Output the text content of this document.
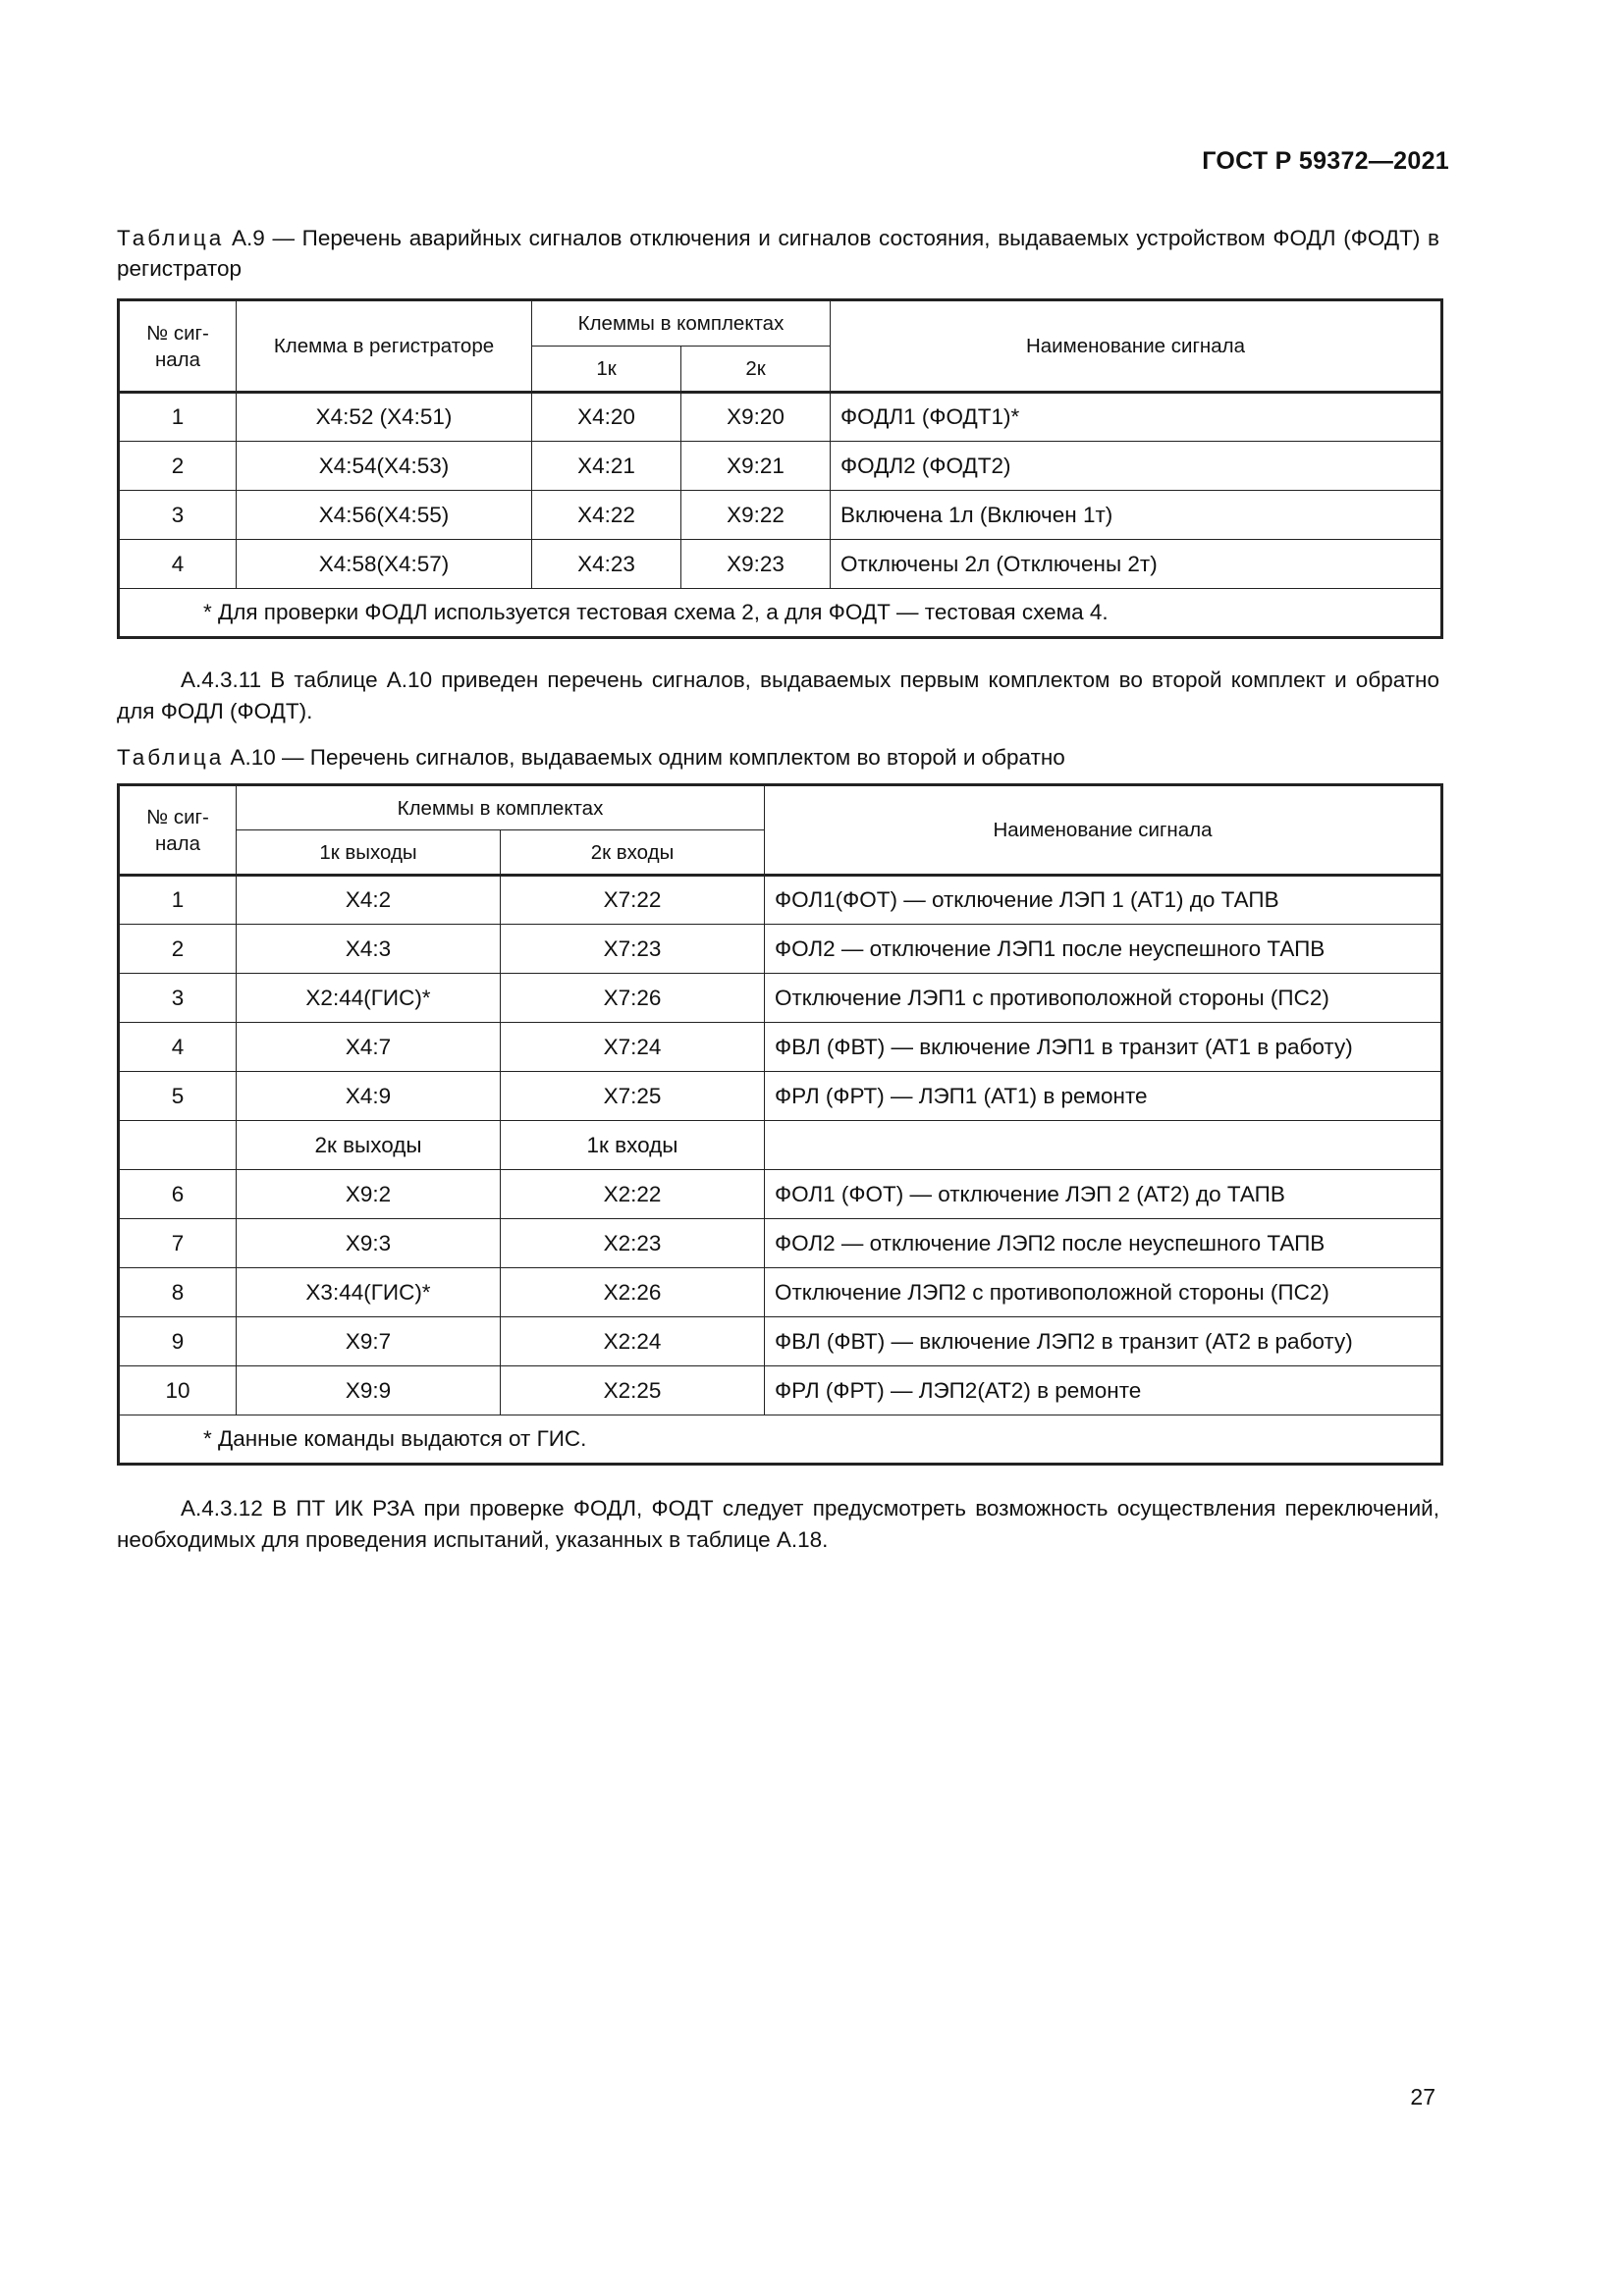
ГОСТ Р 59372—2021
Таблица А.9 — Перечень аварийных сигналов отключения и сигналов состояния, выдаваемых устройством ФОДЛ (ФОДТ) в регистратор
№ сиг-нала	Клемма в регистраторе	Клеммы в комплектах		Наименование сигнала
		1к	2к	
1	X4:52 (X4:51)	X4:20	X9:20	ФОДЛ1 (ФОДТ1)*
2	X4:54(X4:53)	X4:21	X9:21	ФОДЛ2 (ФОДТ2)
3	X4:56(X4:55)	X4:22	X9:22	Включена 1л (Включен 1т)
4	X4:58(X4:57)	X4:23	X9:23	Отключены 2л (Отключены 2т)
* Для проверки ФОДЛ используется тестовая схема 2, а для ФОДТ — тестовая схема 4.				
А.4.3.11 В таблице А.10 приведен перечень сигналов, выдаваемых первым комплектом во второй комплект и обратно для ФОДЛ (ФОДТ).
Таблица А.10 — Перечень сигналов, выдаваемых одним комплектом во второй и обратно
№ сиг-нала	Клеммы в комплектах		Наименование сигнала
	1к выходы	2к входы	
1	X4:2	X7:22	ФОЛ1(ФОТ) — отключение ЛЭП 1 (АТ1) до ТАПВ
2	X4:3	X7:23	ФОЛ2 — отключение ЛЭП1 после неуспешного ТАПВ
3	X2:44(ГИС)*	X7:26	Отключение ЛЭП1 с противоположной стороны (ПС2)
4	X4:7	X7:24	ФВЛ (ФВТ) — включение ЛЭП1 в транзит (АТ1 в работу)
5	X4:9	X7:25	ФРЛ (ФРТ) — ЛЭП1 (АТ1) в ремонте
	2к выходы	1к входы	
6	X9:2	X2:22	ФОЛ1 (ФОТ) — отключение ЛЭП 2 (АТ2) до ТАПВ
7	X9:3	X2:23	ФОЛ2 — отключение ЛЭП2 после неуспешного ТАПВ
8	X3:44(ГИС)*	X2:26	Отключение ЛЭП2 с противоположной стороны (ПС2)
9	X9:7	X2:24	ФВЛ (ФВТ) — включение ЛЭП2 в транзит (АТ2 в работу)
10	X9:9	X2:25	ФРЛ (ФРТ) — ЛЭП2(АТ2) в ремонте
* Данные команды выдаются от ГИС.			
А.4.3.12 В ПТ ИК РЗА при проверке ФОДЛ, ФОДТ следует предусмотреть возможность осуществления переключений, необходимых для проведения испытаний, указанных в таблице А.18.
27
